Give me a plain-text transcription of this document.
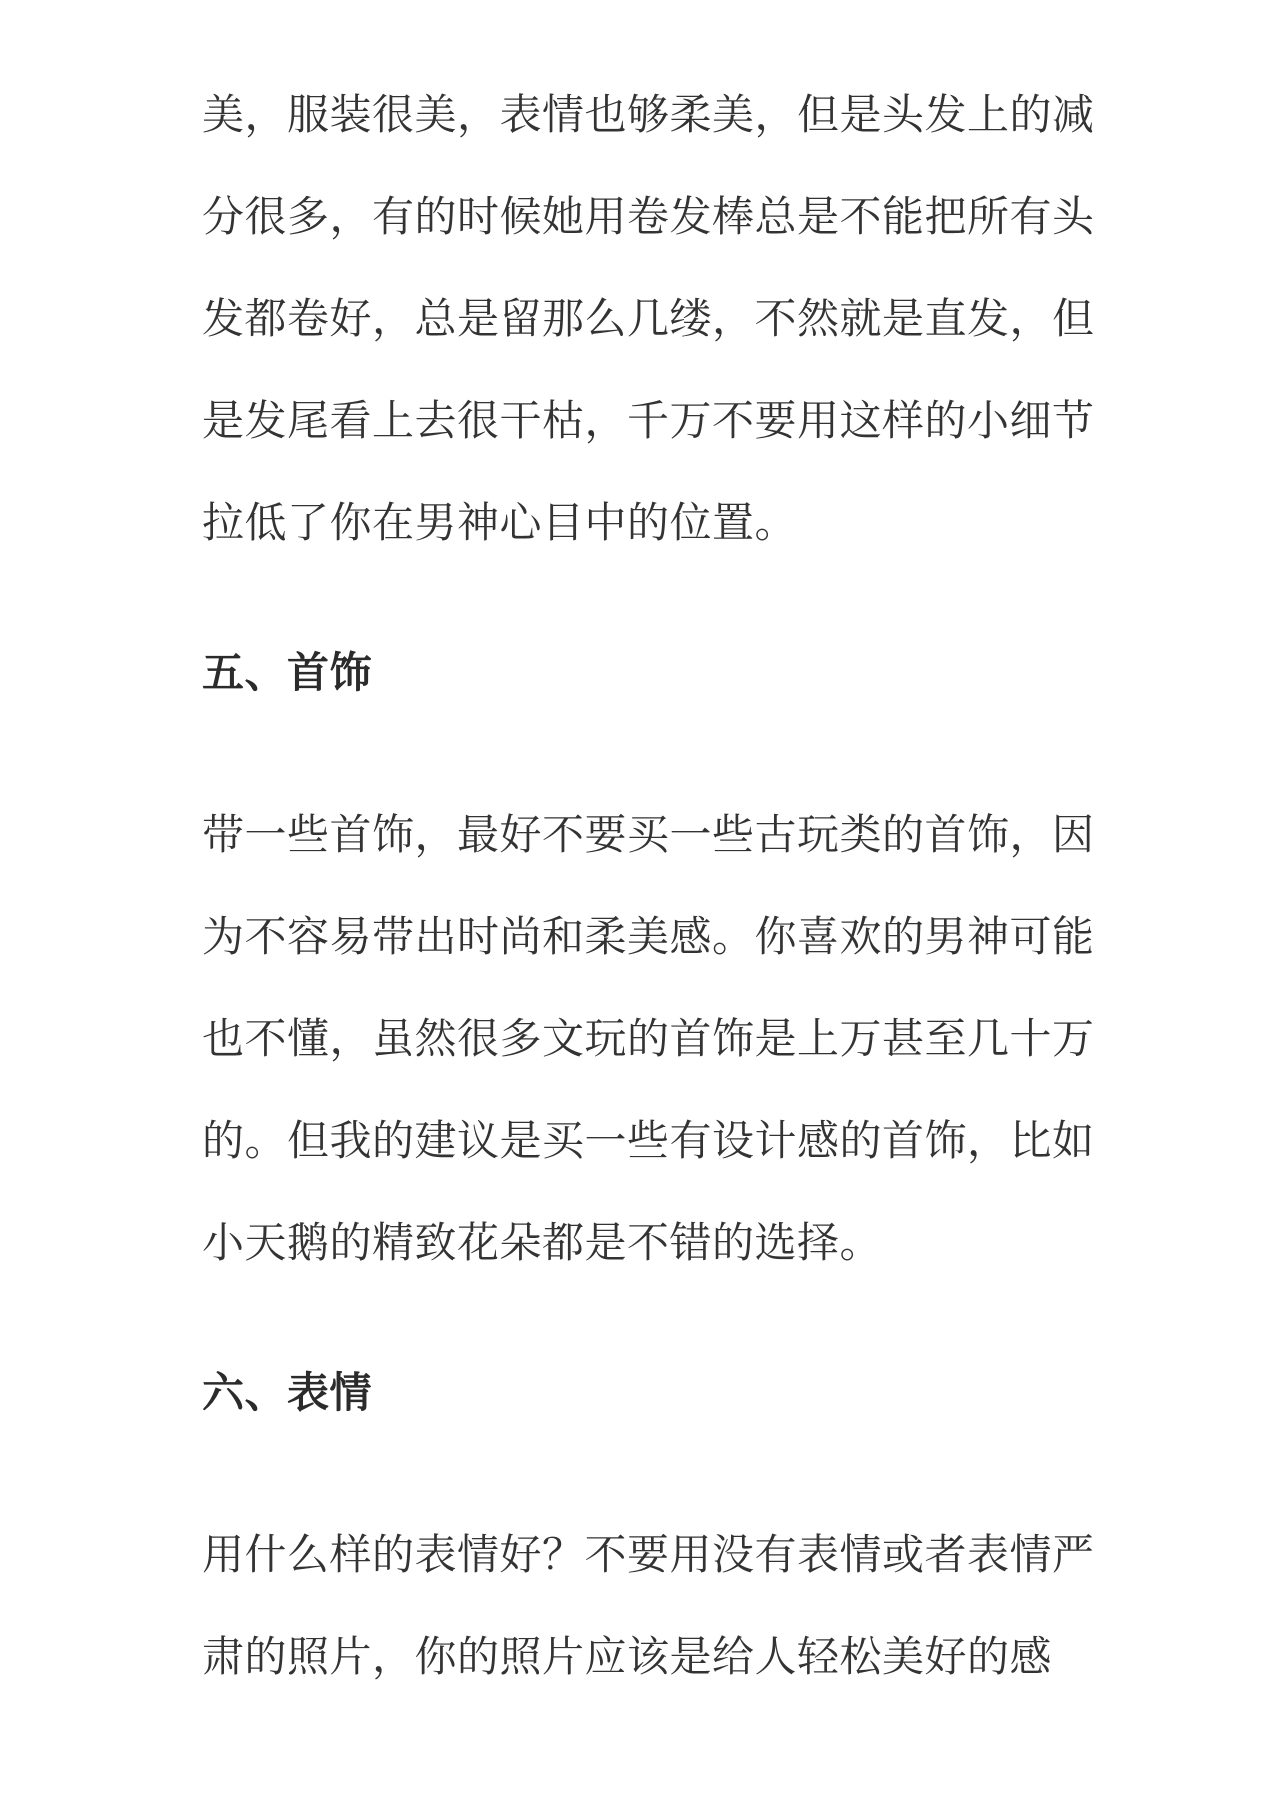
美，服装很美，表情也够柔美，但是头发上的减
分很多，有的时候她用卷发棒总是不能把所有头
发都卷好，总是留那么几缕，不然就是直发，但
是发尾看上去很干枯，千万不要用这样的小细节
拉低了你在男神心目中的位置。
五、首饰
带一些首饰，最好不要买一些古玩类的首饰，因
为不容易带出时尚和柔美感。你喜欢的男神可能
也不懂，虽然很多文玩的首饰是上万甚至几十万
的。但我的建议是买一些有设计感的首饰，比如
小天鹅的精致花朵都是不错的选择。
六、表情
用什么样的表情好？不要用没有表情或者表情严
肃的照片，你的照片应该是给人轻松美好的感
